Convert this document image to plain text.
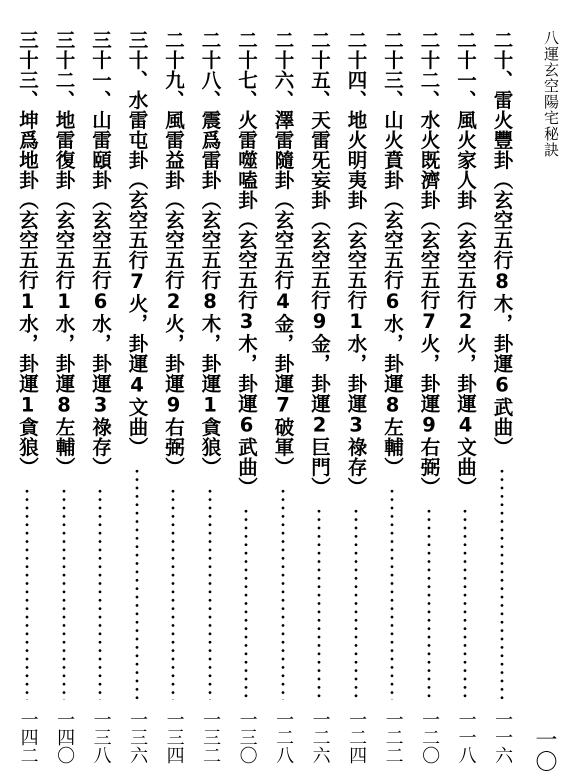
八運玄空陽宅秘訣
一〇
二十、雷火豐卦（玄空五行8木，卦運6武曲）
一一六
二十一、風火家人卦（玄空五行2火，卦運4文曲）
一一八
二十二、水火既濟卦（玄空五行7火，卦運9右弼）
一二〇
二十三、山火賁卦（玄空五行6水，卦運8左輔）
一二二
二十四、地火明夷卦（玄空五行1水，卦運3祿存）
一二四
二十五、天雷旡妄卦（玄空五行9金，卦運2巨門）
一二六
二十六、澤雷隨卦（玄空五行4金，卦運7破軍）
一二八
二十七、火雷噬嗑卦（玄空五行3木，卦運6武曲）
一三〇
二十八、震爲雷卦（玄空五行8木，卦運1貪狼）
一三二
二十九、風雷益卦（玄空五行2火，卦運9右弼）
一三四
三十、水雷屯卦（玄空五行7火，卦運4文曲）
一三六
三十一、山雷頤卦（玄空五行6水，卦運3祿存）
一三八
三十二、地雷復卦（玄空五行1水，卦運8左輔）
一四〇
三十三、坤爲地卦（玄空五行1水，卦運1貪狼）
一四二
